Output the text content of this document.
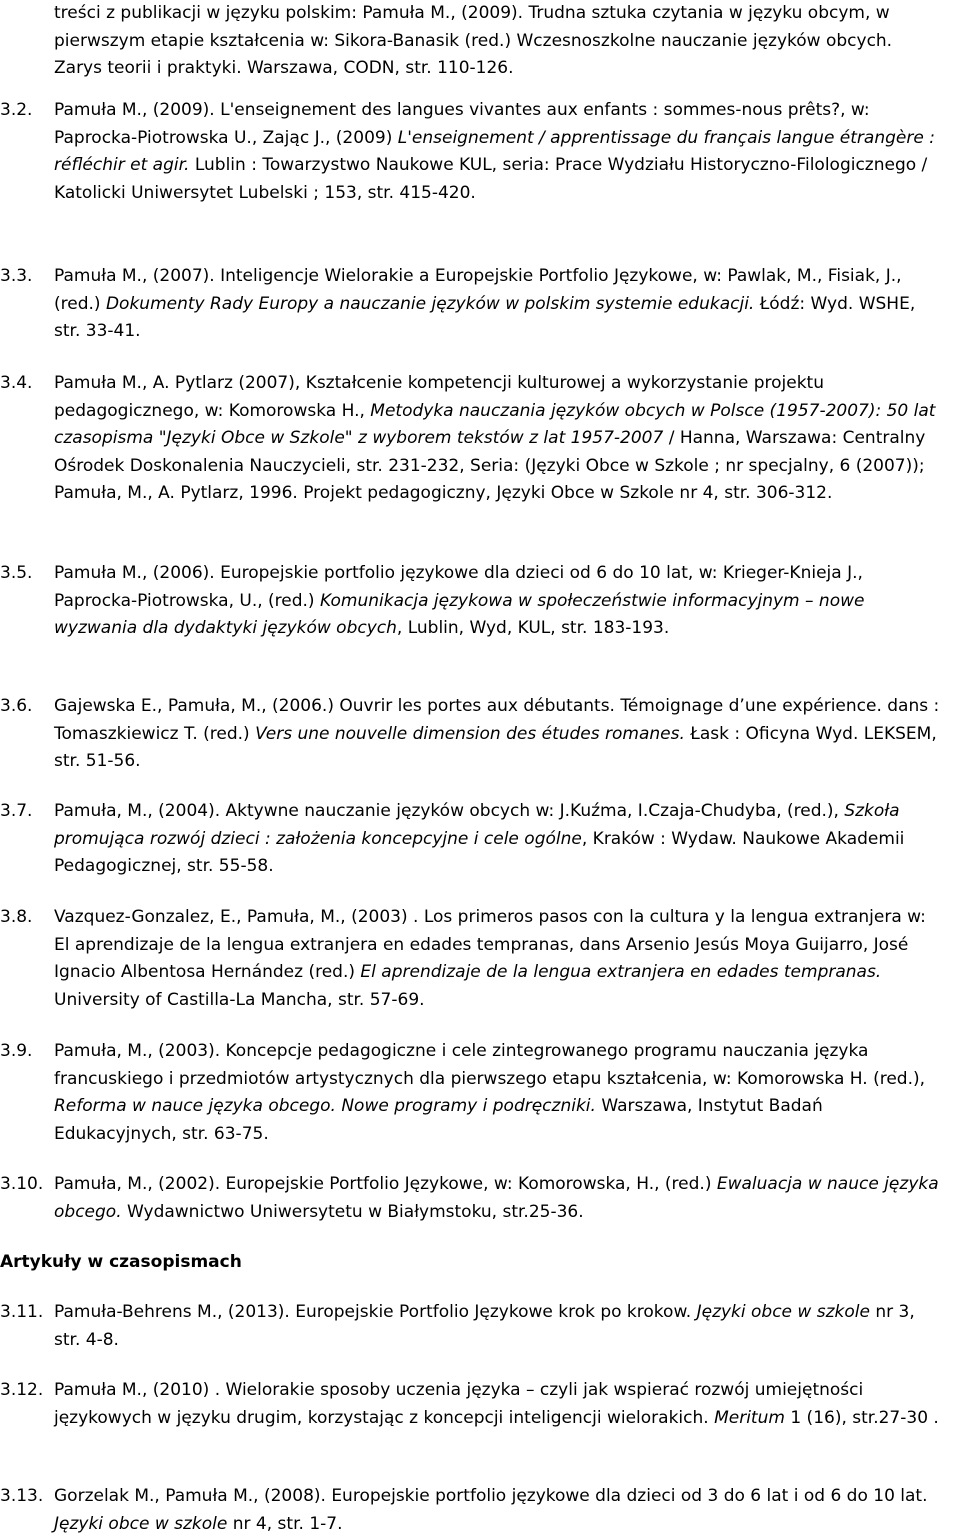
treści z publikacji w języku polskim: Pamuła M., (2009). Trudna sztuka czytania w języku obcym, w pierwszym etapie kształcenia w: Sikora-Banasik (red.) Wczesnoszkolne nauczanie języków obcych. Zarys teorii i praktyki. Warszawa, CODN, str. 110-126.
3.2.	Pamuła M., (2009). L'enseignement des langues vivantes aux enfants : sommes-nous prêts?, w: Paprocka-Piotrowska U., Zając J., (2009) L'enseignement / apprentissage du français langue étrangère : réfléchir et agir. Lublin : Towarzystwo Naukowe KUL, seria: Prace Wydziału Historyczno-Filologicznego / Katolicki Uniwersytet Lubelski ; 153, str. 415-420.
3.3.	Pamuła M., (2007). Inteligencje Wielorakie a Europejskie Portfolio Językowe, w: Pawlak, M., Fisiak, J., (red.) Dokumenty Rady Europy a nauczanie języków w polskim systemie edukacji. Łódź: Wyd. WSHE, str. 33-41.
3.4.	Pamuła M., A. Pytlarz (2007), Kształcenie kompetencji kulturowej a wykorzystanie projektu pedagogicznego, w: Komorowska H., Metodyka nauczania języków obcych w Polsce (1957-2007): 50 lat czasopisma "Języki Obce w Szkole" z wyborem tekstów z lat 1957-2007 / Hanna, Warszawa: Centralny Ośrodek Doskonalenia Nauczycieli, str. 231-232, Seria: (Języki Obce w Szkole ; nr specjalny, 6 (2007)); Pamuła, M., A. Pytlarz, 1996. Projekt pedagogiczny, Języki Obce w Szkole nr 4, str. 306-312.
3.5.	Pamuła M., (2006). Europejskie portfolio językowe dla dzieci od 6 do 10 lat, w: Krieger-Knieja J., Paprocka-Piotrowska, U., (red.) Komunikacja językowa w społeczeństwie informacyjnym – nowe wyzwania dla dydaktyki języków obcych, Lublin, Wyd, KUL, str. 183-193.
3.6.	Gajewska E., Pamuła, M., (2006.) Ouvrir les portes aux débutants. Témoignage d’une expérience. dans : Tomaszkiewicz T. (red.) Vers une nouvelle dimension des études romanes. Łask : Oficyna Wyd. LEKSEM, str. 51-56.
3.7.	Pamuła, M., (2004). Aktywne nauczanie języków obcych w: J.Kuźma, I.Czaja-Chudyba, (red.), Szkoła promująca rozwój dzieci : założenia koncepcyjne i cele ogólne, Kraków : Wydaw. Naukowe Akademii Pedagogicznej, str. 55-58.
3.8.	Vazquez-Gonzalez, E., Pamuła, M., (2003) . Los primeros pasos con la cultura y la lengua extranjera w: El aprendizaje de la lengua extranjera en edades tempranas, dans Arsenio Jesús Moya Guijarro, José Ignacio Albentosa Hernández (red.) El aprendizaje de la lengua extranjera en edades tempranas. University of Castilla-La Mancha, str. 57-69.
3.9.	Pamuła, M., (2003). Koncepcje pedagogiczne i cele zintegrowanego programu nauczania języka francuskiego i przedmiotów artystycznych dla pierwszego etapu kształcenia, w: Komorowska H. (red.), Reforma w nauce języka obcego. Nowe programy i podręczniki. Warszawa, Instytut Badań Edukacyjnych, str. 63-75.
3.10. Pamuła, M., (2002). Europejskie Portfolio Językowe, w: Komorowska, H., (red.) Ewaluacja w nauce języka obcego. Wydawnictwo Uniwersytetu w Białymstoku, str.25-36.
Artykuły w czasopismach
3.11. Pamuła-Behrens M., (2013). Europejskie Portfolio Językowe krok po krokow. Języki obce w szkole nr 3, str. 4-8.
3.12. Pamuła M., (2010) . Wielorakie sposoby uczenia języka – czyli jak wspierać rozwój umiejętności językowych w języku drugim, korzystając z koncepcji inteligencji wielorakich. Meritum 1 (16), str.27-30 .
3.13. Gorzelak M., Pamuła M., (2008). Europejskie portfolio językowe dla dzieci od 3 do 6 lat i od 6 do 10 lat. Języki obce w szkole nr 4, str. 1-7.
